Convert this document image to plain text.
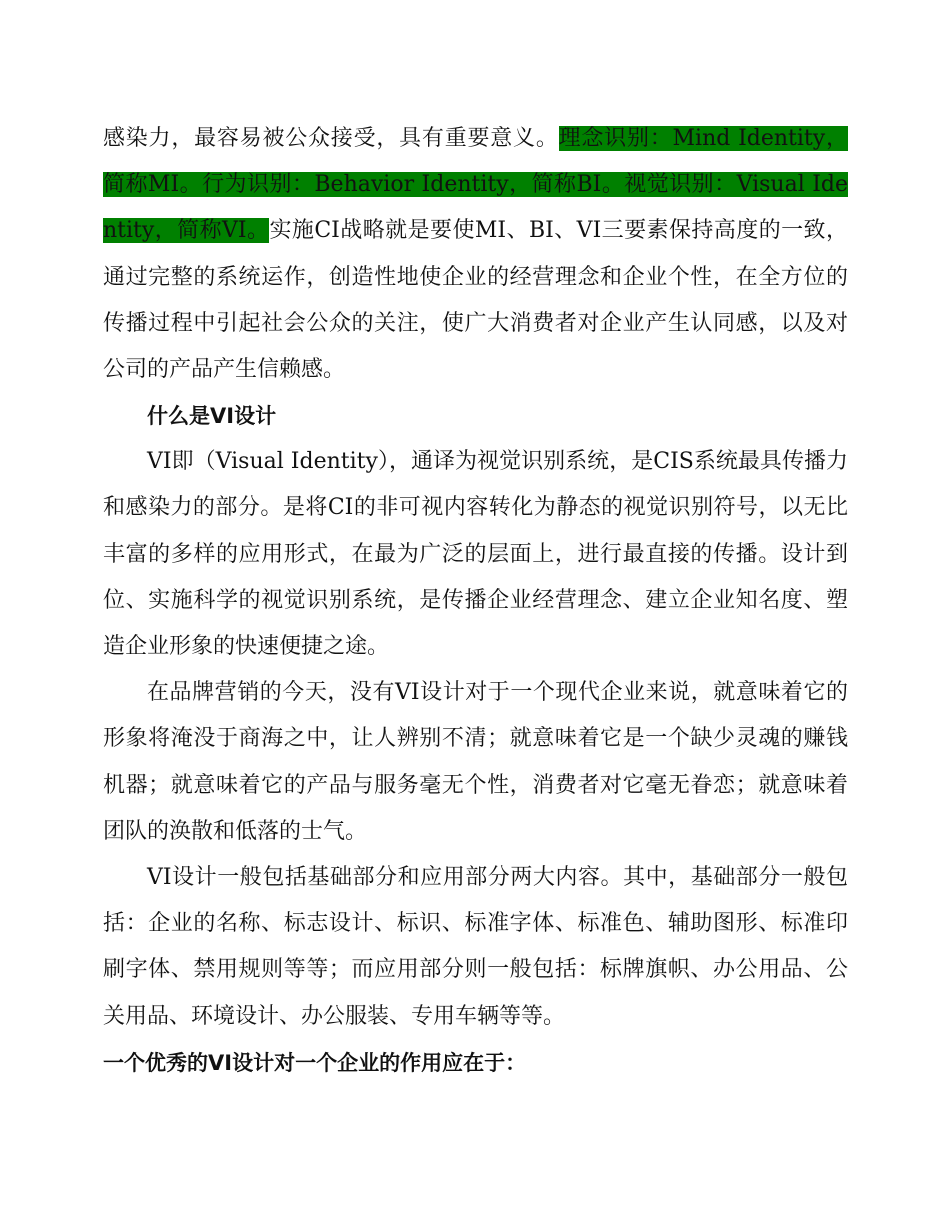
感染力，最容易被公众接受，具有重要意义。理念识别：Mind Identity，简称MI。行为识别：Behavior Identity，简称BI。视觉识别：Visual Identity，简称VI。实施CI战略就是要使MI、BI、VI三要素保持高度的一致，通过完整的系统运作，创造性地使企业的经营理念和企业个性，在全方位的传播过程中引起社会公众的关注，使广大消费者对企业产生认同感，以及对公司的产品产生信赖感。

什么是VI设计

VI即（Visual Identity），通译为视觉识别系统，是CIS系统最具传播力和感染力的部分。是将CI的非可视内容转化为静态的视觉识别符号，以无比丰富的多样的应用形式，在最为广泛的层面上，进行最直接的传播。设计到位、实施科学的视觉识别系统，是传播企业经营理念、建立企业知名度、塑造企业形象的快速便捷之途。

在品牌营销的今天，没有VI设计对于一个现代企业来说，就意味着它的形象将淹没于商海之中，让人辨别不清；就意味着它是一个缺少灵魂的赚钱机器；就意味着它的产品与服务毫无个性，消费者对它毫无眷恋；就意味着团队的涣散和低落的士气。

VI设计一般包括基础部分和应用部分两大内容。其中，基础部分一般包括：企业的名称、标志设计、标识、标准字体、标准色、辅助图形、标准印刷字体、禁用规则等等；而应用部分则一般包括：标牌旗帜、办公用品、公关用品、环境设计、办公服装、专用车辆等等。

一个优秀的VI设计对一个企业的作用应在于：
